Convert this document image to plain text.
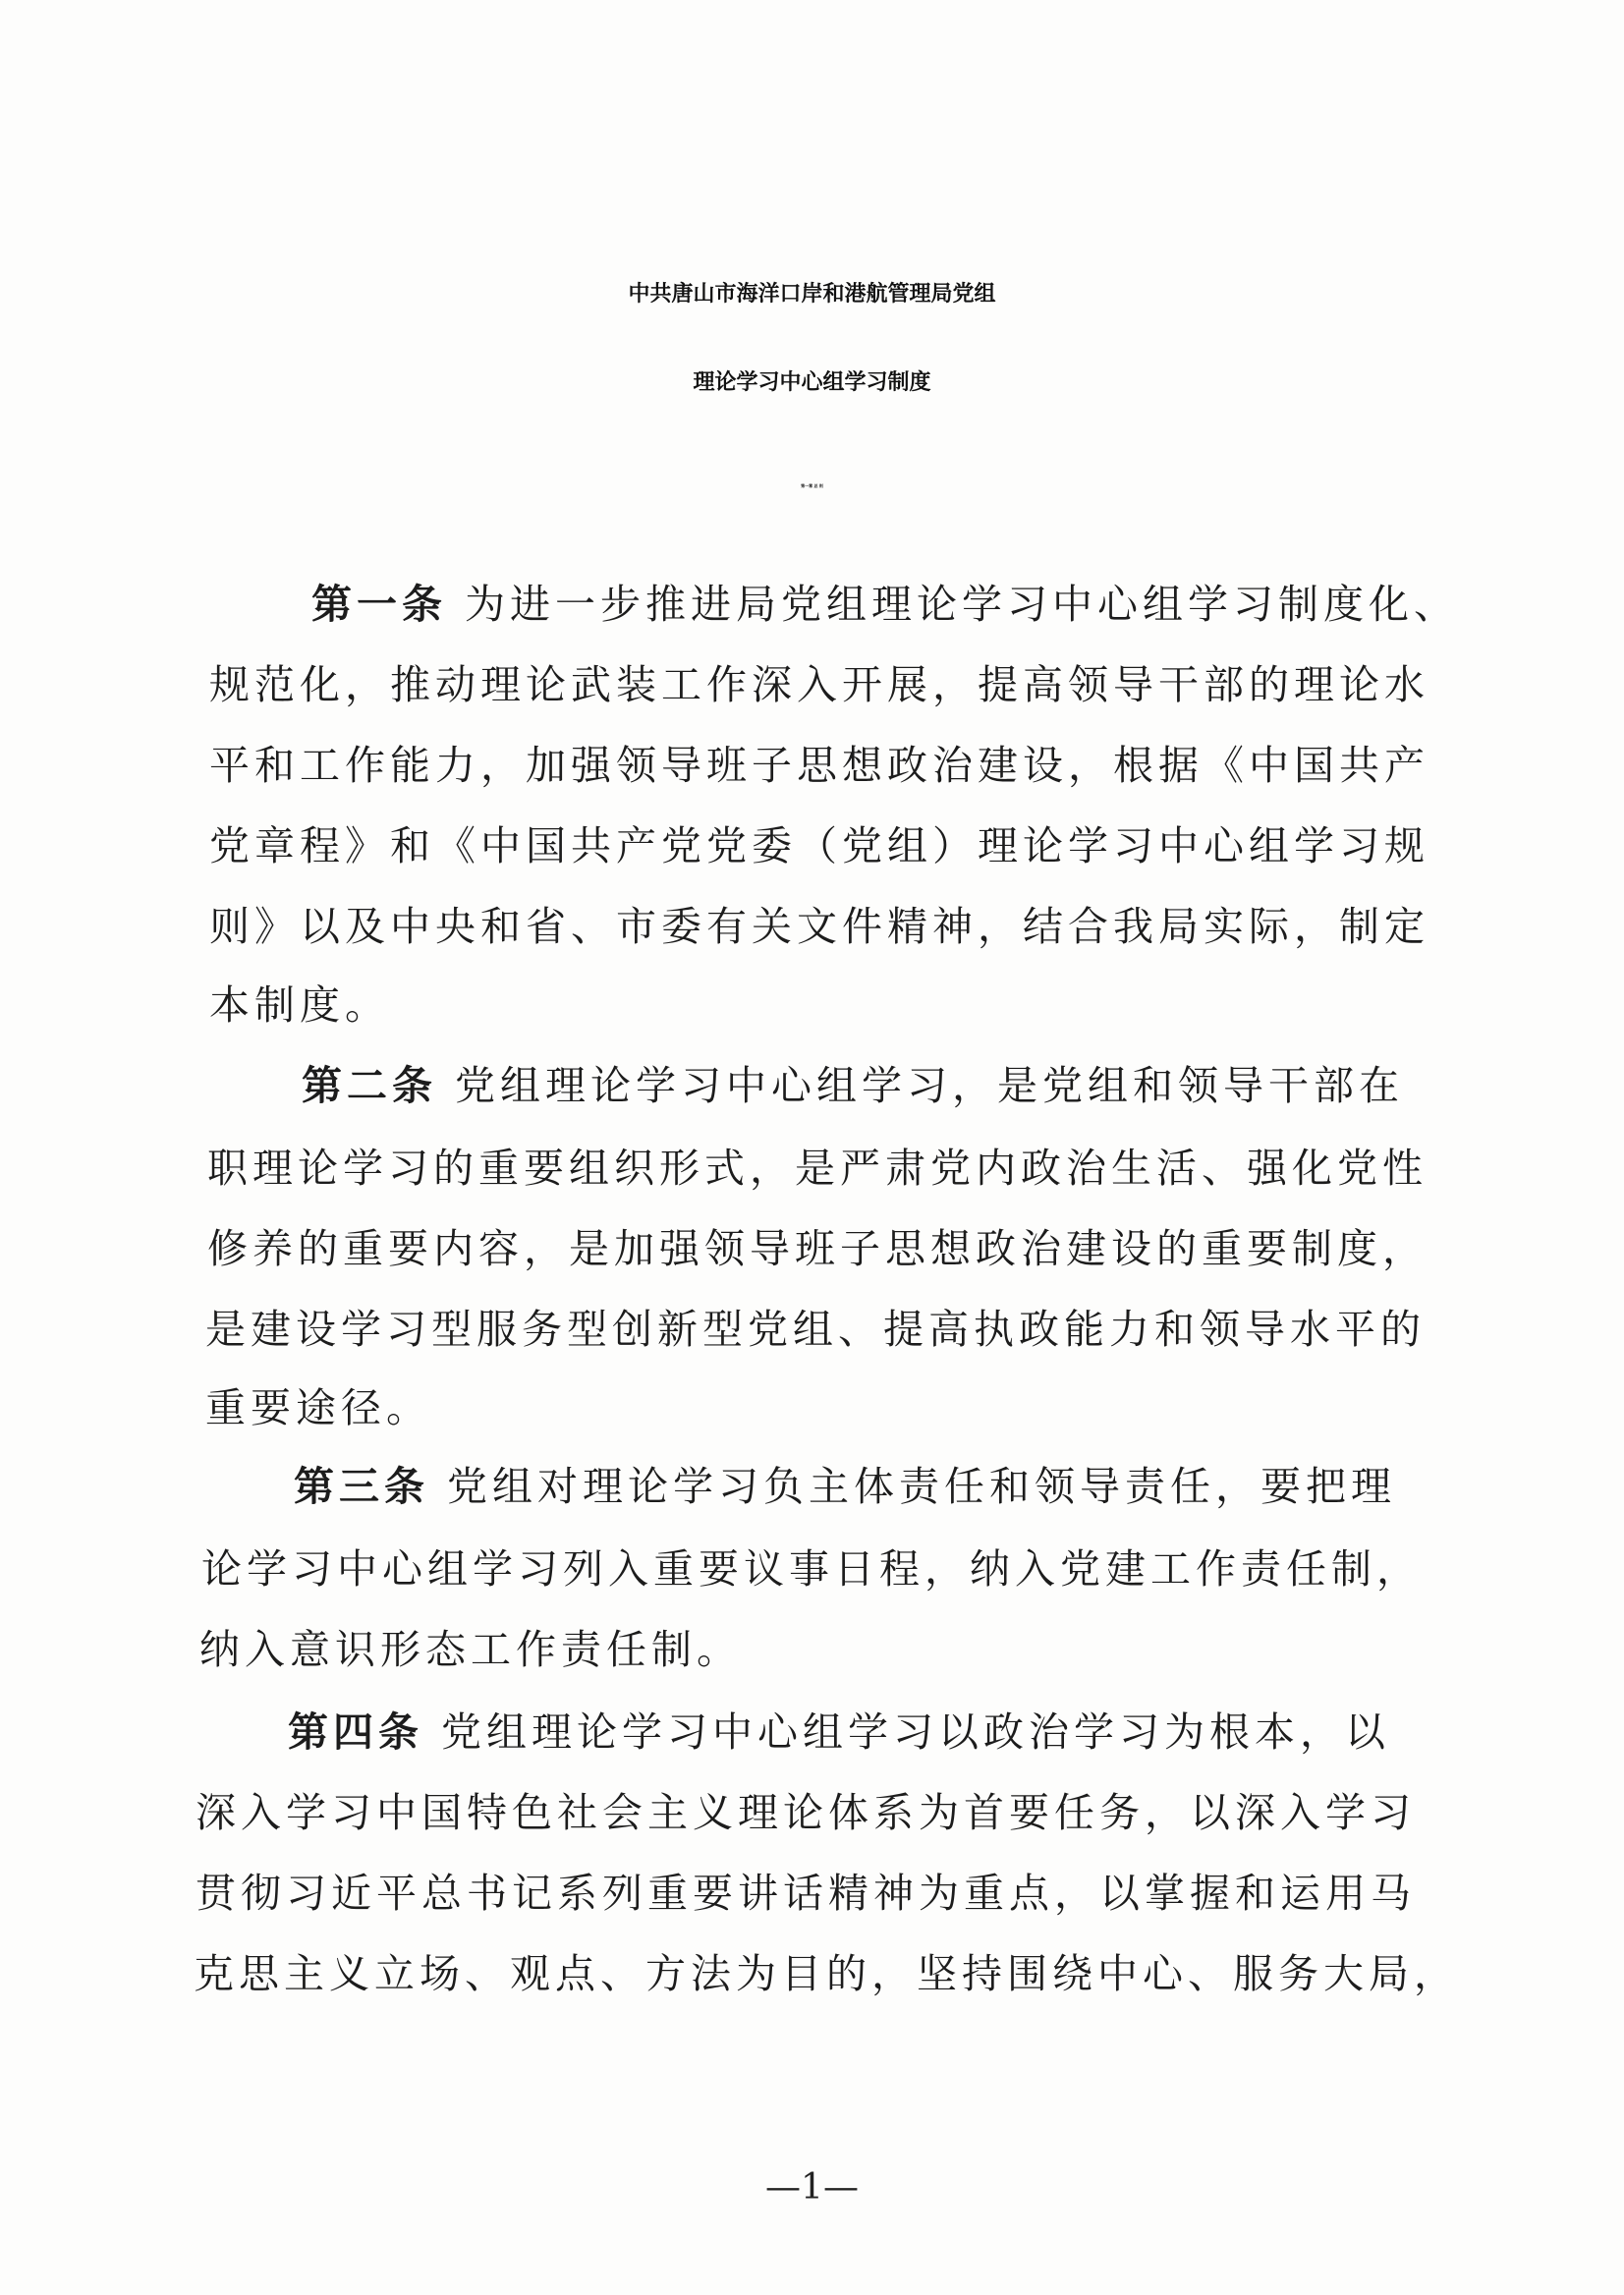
中共唐山市海洋口岸和港航管理局党组
理论学习中心组学习制度
第一章 总 则
第一条 为进一步推进局党组理论学习中心组学习制度化、
规范化，推动理论武装工作深入开展，提高领导干部的理论水
平和工作能力，加强领导班子思想政治建设，根据《中国共产
党章程》和《中国共产党党委（党组）理论学习中心组学习规
则》以及中央和省、市委有关文件精神，结合我局实际，制定
本制度。
第二条 党组理论学习中心组学习，是党组和领导干部在
职理论学习的重要组织形式，是严肃党内政治生活、强化党性
修养的重要内容，是加强领导班子思想政治建设的重要制度，
是建设学习型服务型创新型党组、提高执政能力和领导水平的
重要途径。
第三条 党组对理论学习负主体责任和领导责任，要把理
论学习中心组学习列入重要议事日程，纳入党建工作责任制，
纳入意识形态工作责任制。
第四条 党组理论学习中心组学习以政治学习为根本，以
深入学习中国特色社会主义理论体系为首要任务，以深入学习
贯彻习近平总书记系列重要讲话精神为重点，以掌握和运用马
克思主义立场、观点、方法为目的，坚持围绕中心、服务大局，
—1—
